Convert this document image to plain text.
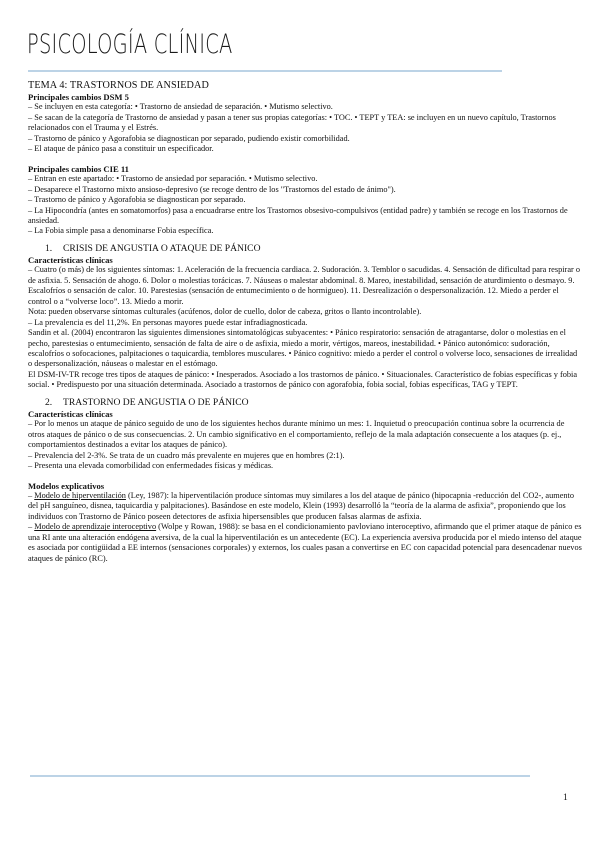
PSICOLOGÍA CLÍNICA

TEMA 4: TRASTORNOS DE ANSIEDAD

Principales cambios DSM 5

– Se incluyen en esta categoría: • Trastorno de ansiedad de separación. • Mutismo selectivo.

– Se sacan de la categoría de Trastorno de ansiedad y pasan a tener sus propias categorías: • TOC. • TEPT y TEA: se incluyen en un nuevo capítulo, Trastornos relacionados con el Trauma y el Estrés.

– Trastorno de pánico y Agorafobia se diagnostican por separado, pudiendo existir comorbilidad.

– El ataque de pánico pasa a constituir un especificador.

Principales cambios CIE 11

– Entran en este apartado: • Trastorno de ansiedad por separación. • Mutismo selectivo.

– Desaparece el Trastorno mixto ansioso-depresivo (se recoge dentro de los "Trastornos del estado de ánimo").

– Trastorno de pánico y Agorafobia se diagnostican por separado.

– La Hipocondría (antes en somatomorfos) pasa a encuadrarse entre los Trastornos obsesivo-compulsivos (entidad padre) y también se recoge en los Trastornos de ansiedad.

– La Fobia simple pasa a denominarse Fobia específica.

1. CRISIS DE ANGUSTIA O ATAQUE DE PÁNICO

Características clínicas

– Cuatro (o más) de los siguientes síntomas: 1. Aceleración de la frecuencia cardiaca. 2. Sudoración. 3. Temblor o sacudidas. 4. Sensación de dificultad para respirar o de asfixia. 5. Sensación de ahogo. 6. Dolor o molestias torácicas. 7. Náuseas o malestar abdominal. 8. Mareo, inestabilidad, sensación de aturdimiento o desmayo. 9. Escalofríos o sensación de calor. 10. Parestesias (sensación de entumecimiento o de hormigueo). 11. Desrealización o despersonalización. 12. Miedo a perder el control o a “volverse loco”. 13. Miedo a morir.

Nota: pueden observarse síntomas culturales (acúfenos, dolor de cuello, dolor de cabeza, gritos o llanto incontrolable).

– La prevalencia es del 11,2%. En personas mayores puede estar infradiagnosticada.

Sandin et al. (2004) encontraron las siguientes dimensiones sintomatológicas subyacentes: • Pánico respiratorio: sensación de atragantarse, dolor o molestias en el pecho, parestesias o entumecimiento, sensación de falta de aire o de asfixia, miedo a morir, vértigos, mareos, inestabilidad. • Pánico autonómico: sudoración, escalofríos o sofocaciones, palpitaciones o taquicardia, temblores musculares. • Pánico cognitivo: miedo a perder el control o volverse loco, sensaciones de irrealidad o despersonalización, náuseas o malestar en el estómago.

El DSM-IV-TR recoge tres tipos de ataques de pánico: • Inesperados. Asociado a los trastornos de pánico. • Situacionales. Característico de fobias específicas y fobia social. • Predispuesto por una situación determinada. Asociado a trastornos de pánico con agorafobia, fobia social, fobias específicas, TAG y TEPT.

2. TRASTORNO DE ANGUSTIA O DE PÁNICO

Características clínicas

– Por lo menos un ataque de pánico seguido de uno de los siguientes hechos durante mínimo un mes: 1. Inquietud o preocupación continua sobre la ocurrencia de otros ataques de pánico o de sus consecuencias. 2. Un cambio significativo en el comportamiento, reflejo de la mala adaptación consecuente a los ataques (p. ej., comportamientos destinados a evitar los ataques de pánico).

– Prevalencia del 2-3%. Se trata de un cuadro más prevalente en mujeres que en hombres (2:1).

– Presenta una elevada comorbilidad con enfermedades físicas y médicas.

Modelos explicativos

– Modelo de hiperventilación (Ley, 1987): la hiperventilación produce síntomas muy similares a los del ataque de pánico (hipocapnia -reducción del CO2-, aumento del pH sanguíneo, disnea, taquicardia y palpitaciones). Basándose en este modelo, Klein (1993) desarrolló la “teoría de la alarma de asfixia”, proponiendo que los individuos con Trastorno de Pánico poseen detectores de asfixia hipersensibles que producen falsas alarmas de asfixia.

– Modelo de aprendizaje interoceptivo (Wolpe y Rowan, 1988): se basa en el condicionamiento pavloviano interoceptivo, afirmando que el primer ataque de pánico es una RI ante una alteración endógena aversiva, de la cual la hiperventilación es un antecedente (EC). La experiencia aversiva producida por el miedo intenso del ataque es asociada por contigüidad a EE internos (sensaciones corporales) y externos, los cuales pasan a convertirse en EC con capacidad potencial para desencadenar nuevos ataques de pánico (RC).

1
